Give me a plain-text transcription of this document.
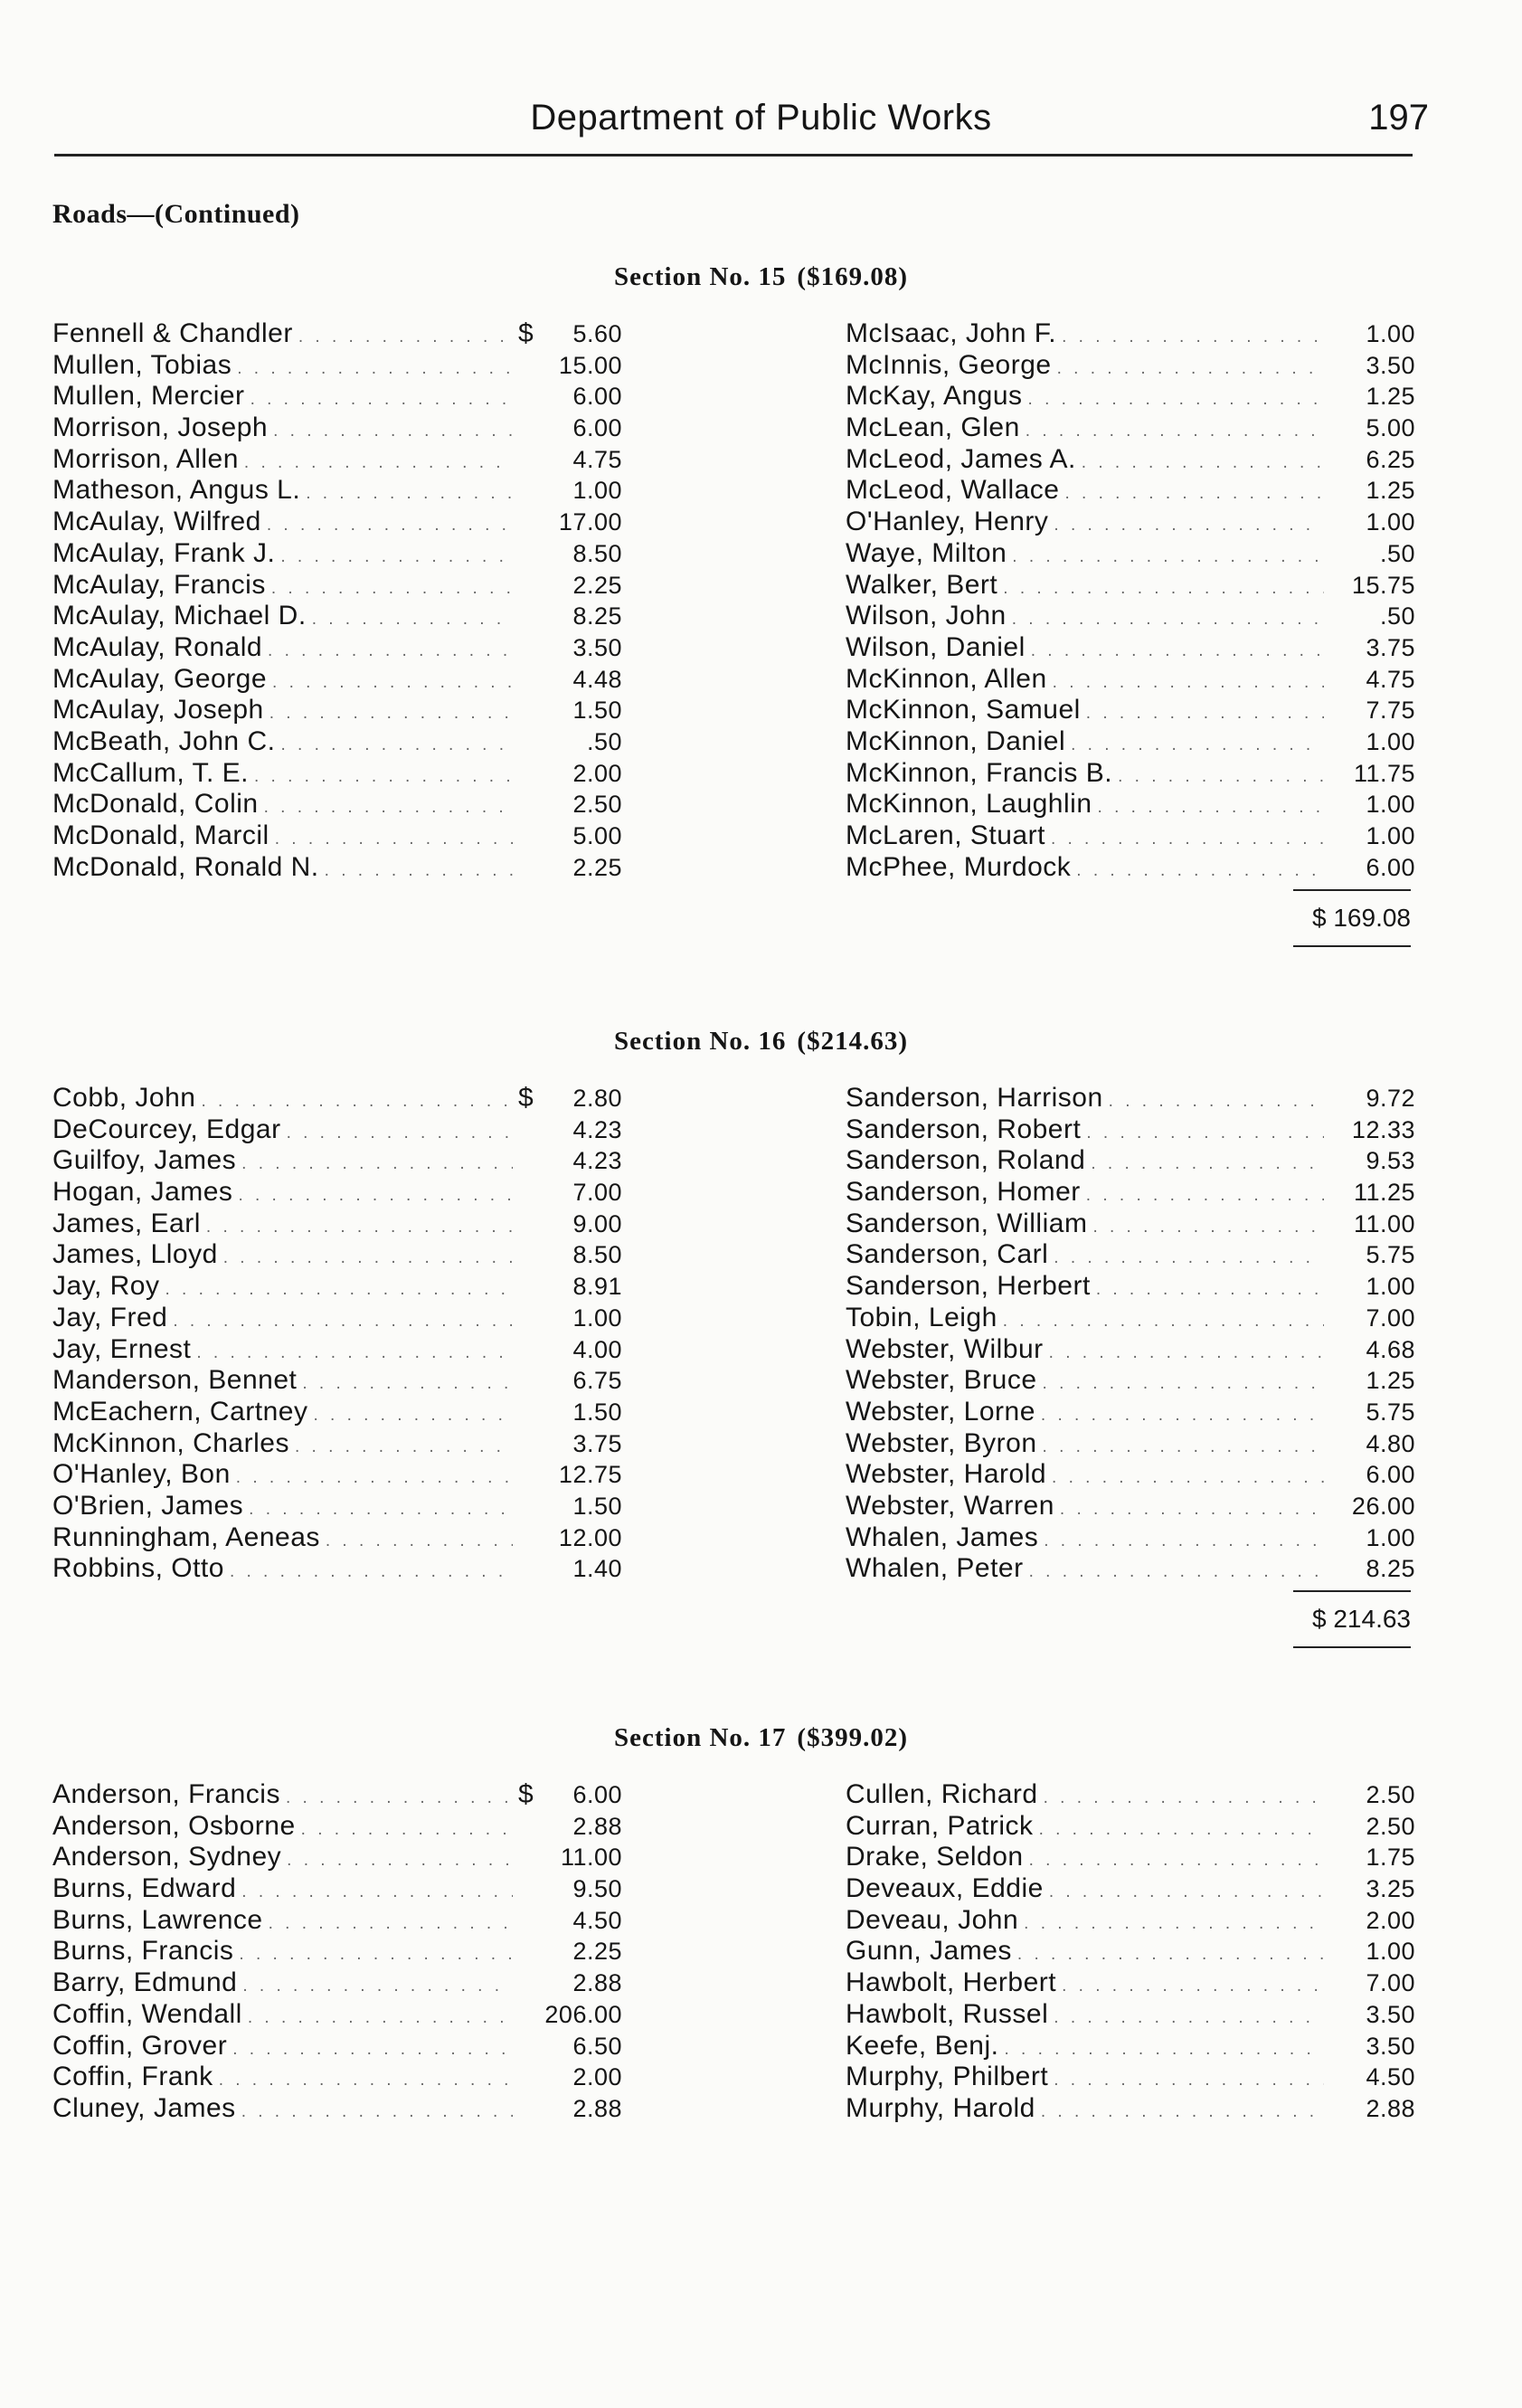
Department of Public Works	197
Roads—(Continued)
Section No. 15 ($169.08)
Fennell & Chandler . . .	$	5.60
Mullen, Tobias . . .	15.00
Mullen, Mercier . . .	6.00
Morrison, Joseph . . .	6.00
Morrison, Allen . . .	4.75
Matheson, Angus L. . . .	1.00
McAulay, Wilfred . . .	17.00
McAulay, Frank J. . . .	8.50
McAulay, Francis . . .	2.25
McAulay, Michael D. . . .	8.25
McAulay, Ronald . . .	3.50
McAulay, George . . .	4.48
McAulay, Joseph . . .	1.50
McBeath, John C. . . .	.50
McCallum, T. E. . . .	2.00
McDonald, Colin . . .	2.50
McDonald, Marcil . . .	5.00
McDonald, Ronald N. . . .	2.25
McIsaac, John F. . . .	1.00
McInnis, George . . .	3.50
McKay, Angus . . .	1.25
McLean, Glen . . .	5.00
McLeod, James A. . . .	6.25
McLeod, Wallace . . .	1.25
O'Hanley, Henry . . .	1.00
Waye, Milton . . .	.50
Walker, Bert . . .	15.75
Wilson, John . . .	.50
Wilson, Daniel . . .	3.75
McKinnon, Allen . . .	4.75
McKinnon, Samuel . . .	7.75
McKinnon, Daniel . . .	1.00
McKinnon, Francis B. . . .	11.75
McKinnon, Laughlin . . .	1.00
McLaren, Stuart . . .	1.00
McPhee, Murdock . . .	6.00
$ 169.08
Section No. 16 ($214.63)
Cobb, John . . .	$	2.80
DeCourcey, Edgar . . .	4.23
Guilfoy, James . . .	4.23
Hogan, James . . .	7.00
James, Earl . . .	9.00
James, Lloyd . . .	8.50
Jay, Roy . . .	8.91
Jay, Fred . . .	1.00
Jay, Ernest . . .	4.00
Manderson, Bennet . . .	6.75
McEachern, Cartney . . .	1.50
McKinnon, Charles . . .	3.75
O'Hanley, Bon . . .	12.75
O'Brien, James . . .	1.50
Runningham, Aeneas . . .	12.00
Robbins, Otto . . .	1.40
Sanderson, Harrison . . .	9.72
Sanderson, Robert . . .	12.33
Sanderson, Roland . . .	9.53
Sanderson, Homer . . .	11.25
Sanderson, William . . .	11.00
Sanderson, Carl . . .	5.75
Sanderson, Herbert . . .	1.00
Tobin, Leigh . . .	7.00
Webster, Wilbur . . .	4.68
Webster, Bruce . . .	1.25
Webster, Lorne . . .	5.75
Webster, Byron . . .	4.80
Webster, Harold . . .	6.00
Webster, Warren . . .	26.00
Whalen, James . . .	1.00
Whalen, Peter . . .	8.25
$ 214.63
Section No. 17 ($399.02)
Anderson, Francis . . .	$	6.00
Anderson, Osborne . . .	2.88
Anderson, Sydney . . .	11.00
Burns, Edward . . .	9.50
Burns, Lawrence . . .	4.50
Burns, Francis . . .	2.25
Barry, Edmund . . .	2.88
Coffin, Wendall . . .	206.00
Coffin, Grover . . .	6.50
Coffin, Frank . . .	2.00
Cluney, James . . .	2.88
Cullen, Richard . . .	2.50
Curran, Patrick . . .	2.50
Drake, Seldon . . .	1.75
Deveaux, Eddie . . .	3.25
Deveau, John . . .	2.00
Gunn, James . . .	1.00
Hawbolt, Herbert . . .	7.00
Hawbolt, Russel . . .	3.50
Keefe, Benj. . . .	3.50
Murphy, Philbert . . .	4.50
Murphy, Harold . . .	2.88
